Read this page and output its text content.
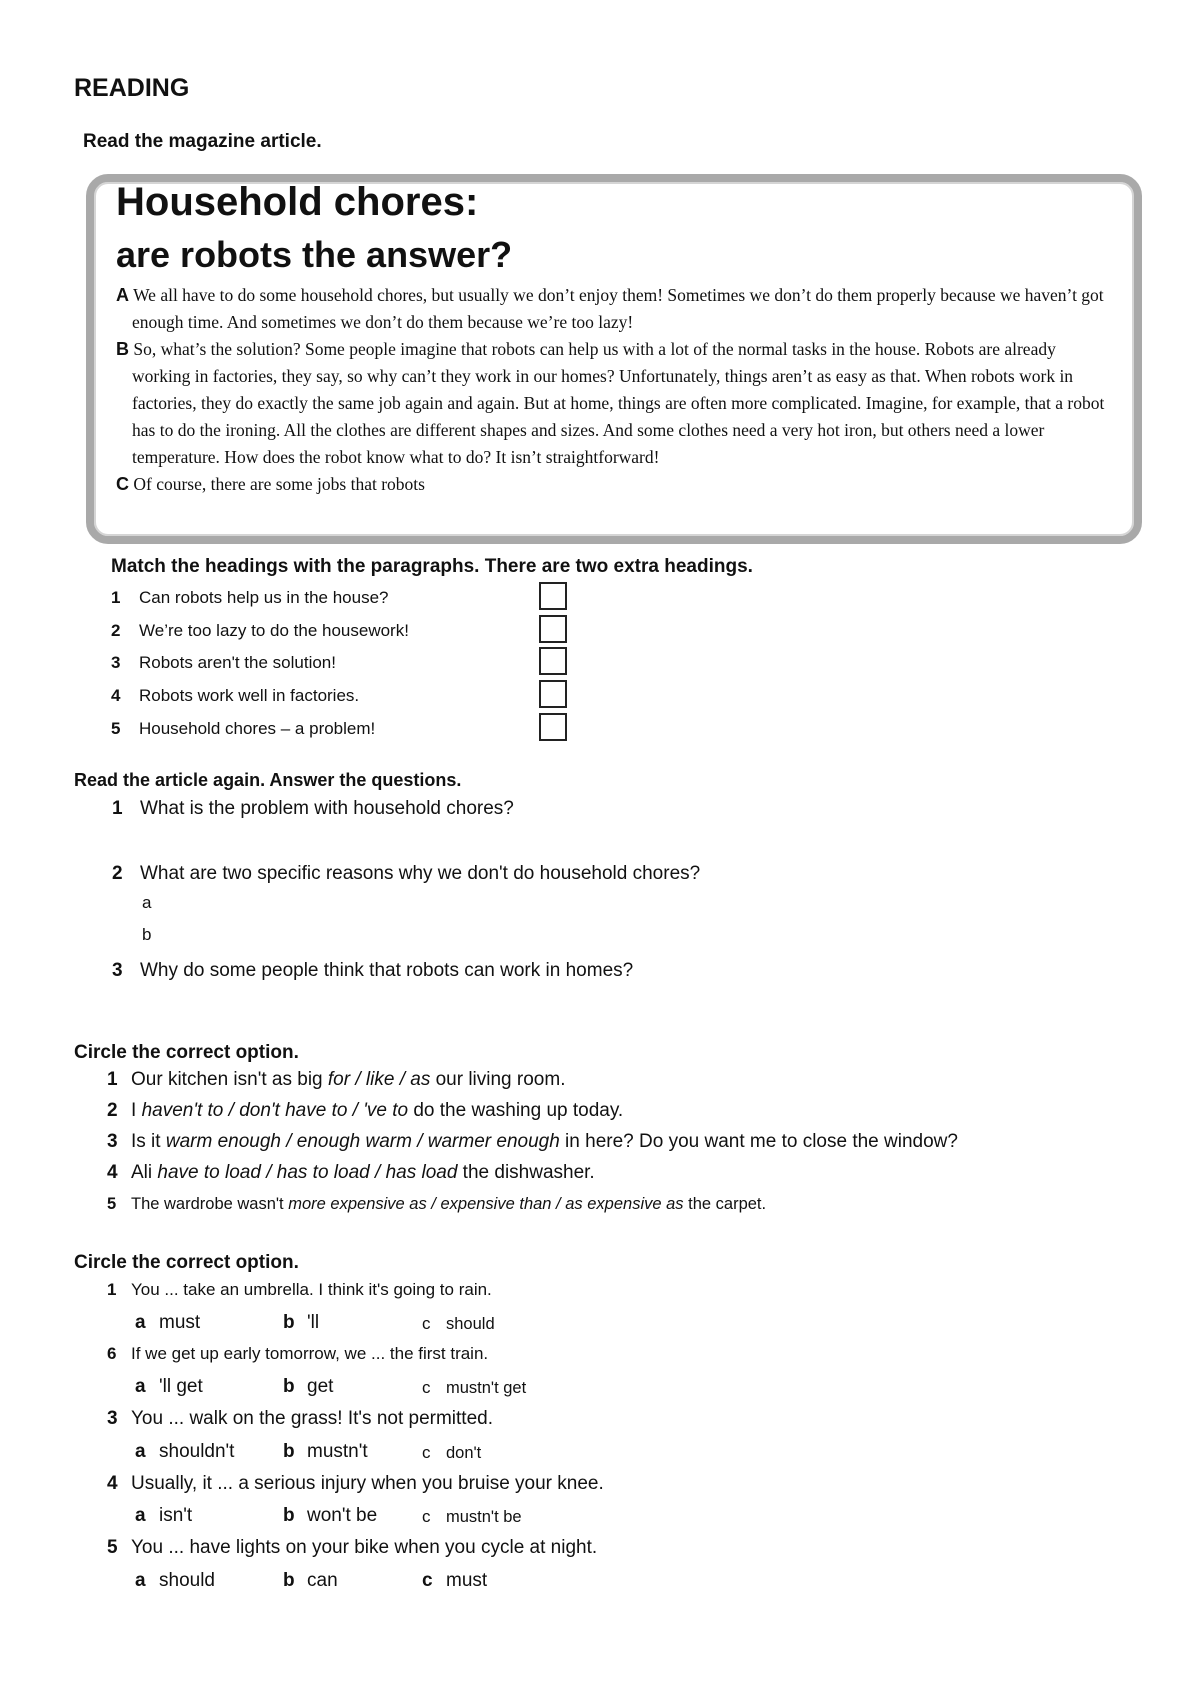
READING
Read the magazine article.
Household chores:
are robots the answer?

A We all have to do some household chores, but usually we don’t enjoy them! Sometimes we don’t do them properly because we haven’t got enough time. And sometimes we don’t do them because we’re too lazy!

B So, what’s the solution? Some people imagine that robots can help us with a lot of the normal tasks in the house. Robots are already working in factories, they say, so why can’t they work in our homes? Unfortunately, things aren’t as easy as that. When robots work in factories, they do exactly the same job again and again. But at home, things are often more complicated. Imagine, for example, that a robot has to do the ironing. All the clothes are different shapes and sizes. And some clothes need a very hot iron, but others need a lower temperature. How does the robot know what to do? It isn’t straightforward!

C Of course, there are some jobs that robots

Match the headings with the paragraphs. There are two extra headings.
1 Can robots help us in the house?
2 We’re too lazy to do the housework!
3 Robots aren't the solution!
4 Robots work well in factories.
5 Household chores – a problem!
Read the article again. Answer the questions.
1 What is the problem with household chores?
2 What are two specific reasons why we don't do household chores?
a
b
3 Why do some people think that robots can work in homes?
Circle the correct option.
1 Our kitchen isn't as big for / like / as our living room.
2 I haven't to / don't have to / 've to do the washing up today.
3 Is it warm enough / enough warm / warmer enough in here? Do you want me to close the window?
4 Ali have to load / has to load / has load the dishwasher.
5 The wardrobe wasn't more expensive as / expensive than / as expensive as the carpet.
Circle the correct option.
1 You ... take an umbrella. I think it's going to rain.
a must	b 'll	c should
6 If we get up early tomorrow, we ... the first train.
a 'll get	b get	c mustn't get
3 You ... walk on the grass! It's not permitted.
a shouldn't	b mustn't	c don't
4 Usually, it ... a serious injury when you bruise your knee.
a isn't	b won't be	c mustn't be
5 You ... have lights on your bike when you cycle at night.
a should	b can	c must
